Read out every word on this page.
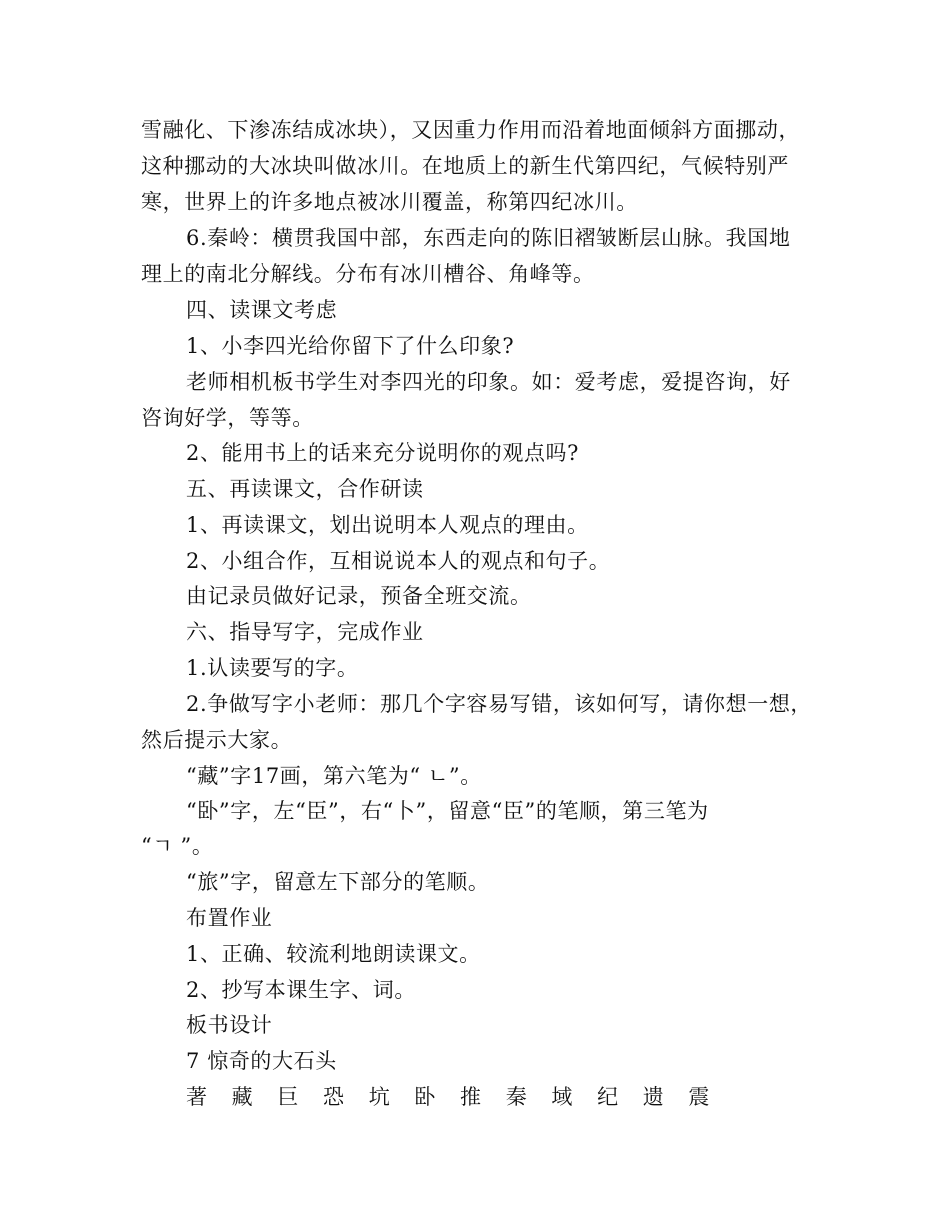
雪融化、下渗冻结成冰块），又因重力作用而沿着地面倾斜方面挪动，
这种挪动的大冰块叫做冰川。在地质上的新生代第四纪，气候特别严
寒，世界上的许多地点被冰川覆盖，称第四纪冰川。
6.秦岭：横贯我国中部，东西走向的陈旧褶皱断层山脉。我国地
理上的南北分解线。分布有冰川槽谷、角峰等。
四、读课文考虑
1、小李四光给你留下了什么印象?
老师相机板书学生对李四光的印象。如：爱考虑，爱提咨询，好
咨询好学，等等。
2、能用书上的话来充分说明你的观点吗?
五、再读课文，合作研读
1、再读课文，划出说明本人观点的理由。
2、小组合作，互相说说本人的观点和句子。
由记录员做好记录，预备全班交流。
六、指导写字，完成作业
1.认读要写的字。
2.争做写字小老师：那几个字容易写错，该如何写，请你想一想，
然后提示大家。
“藏”字17画，第六笔为“ ㄴ”。
“卧”字，左“臣”，右“卜”，留意“臣”的笔顺，第三笔为
“ㄱ ”。
“旅”字，留意左下部分的笔顺。
布置作业
1、正确、较流利地朗读课文。
2、抄写本课生字、词。
板书设计
7 惊奇的大石头
著 藏 巨 恐 坑 卧 推 秦 域 纪 遗 震
